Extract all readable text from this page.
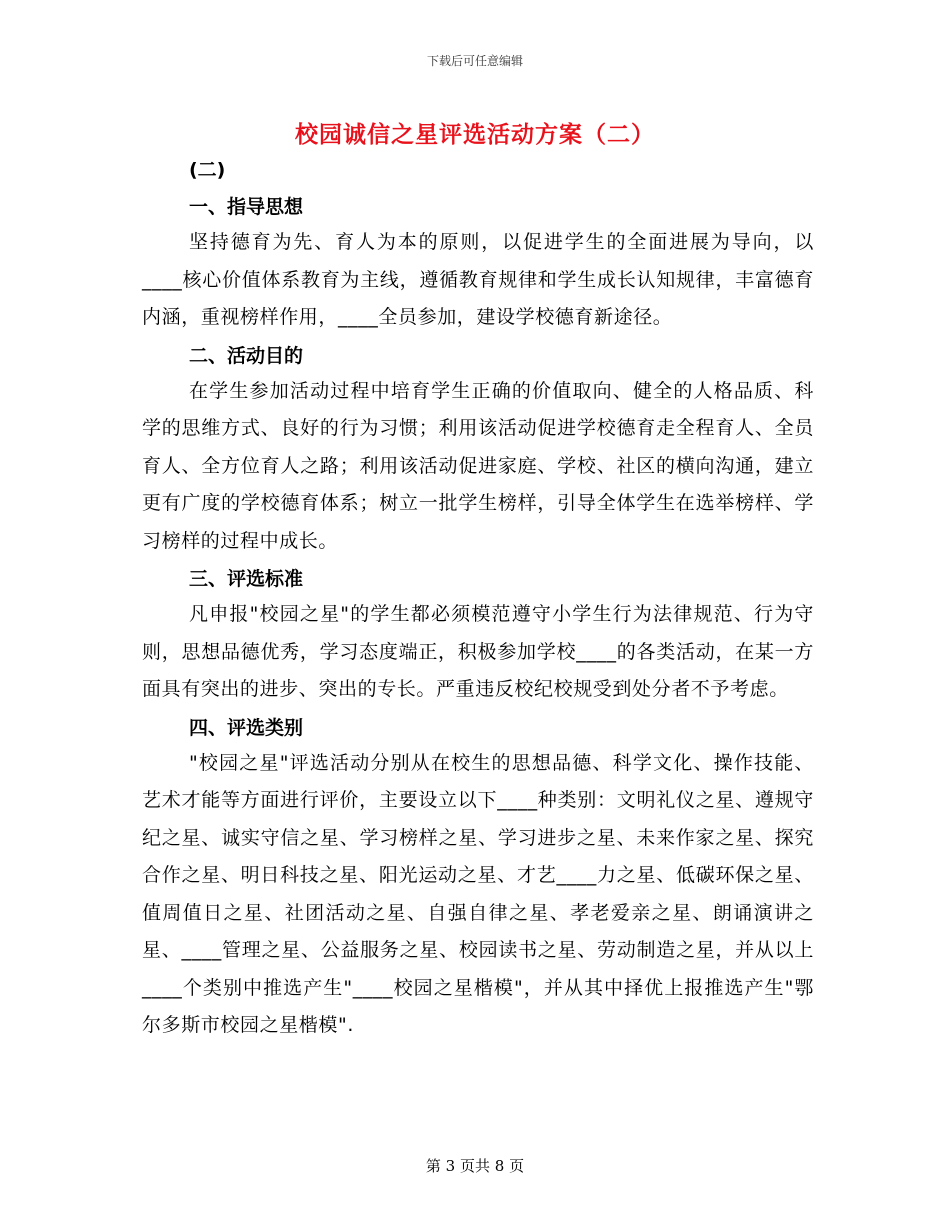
下载后可任意编辑
校园诚信之星评选活动方案（二）
(二)
一、指导思想

坚持德育为先、育人为本的原则，以促进学生的全面进展为导向，以____核心价值体系教育为主线，遵循教育规律和学生成长认知规律，丰富德育内涵，重视榜样作用，____全员参加，建设学校德育新途径。

二、活动目的

在学生参加活动过程中培育学生正确的价值取向、健全的人格品质、科学的思维方式、良好的行为习惯；利用该活动促进学校德育走全程育人、全员育人、全方位育人之路；利用该活动促进家庭、学校、社区的横向沟通，建立更有广度的学校德育体系；树立一批学生榜样，引导全体学生在选举榜样、学习榜样的过程中成长。

三、评选标准

凡申报"校园之星"的学生都必须模范遵守小学生行为法律规范、行为守则，思想品德优秀，学习态度端正，积极参加学校____的各类活动，在某一方面具有突出的进步、突出的专长。严重违反校纪校规受到处分者不予考虑。

四、评选类别

"校园之星"评选活动分别从在校生的思想品德、科学文化、操作技能、艺术才能等方面进行评价，主要设立以下____种类别：文明礼仪之星、遵规守纪之星、诚实守信之星、学习榜样之星、学习进步之星、未来作家之星、探究合作之星、明日科技之星、阳光运动之星、才艺____力之星、低碳环保之星、值周值日之星、社团活动之星、自强自律之星、孝老爱亲之星、朗诵演讲之星、____管理之星、公益服务之星、校园读书之星、劳动制造之星，并从以上____个类别中推选产生"____校园之星楷模"，并从其中择优上报推选产生"鄂尔多斯市校园之星楷模".

第 3 页共 8 页
